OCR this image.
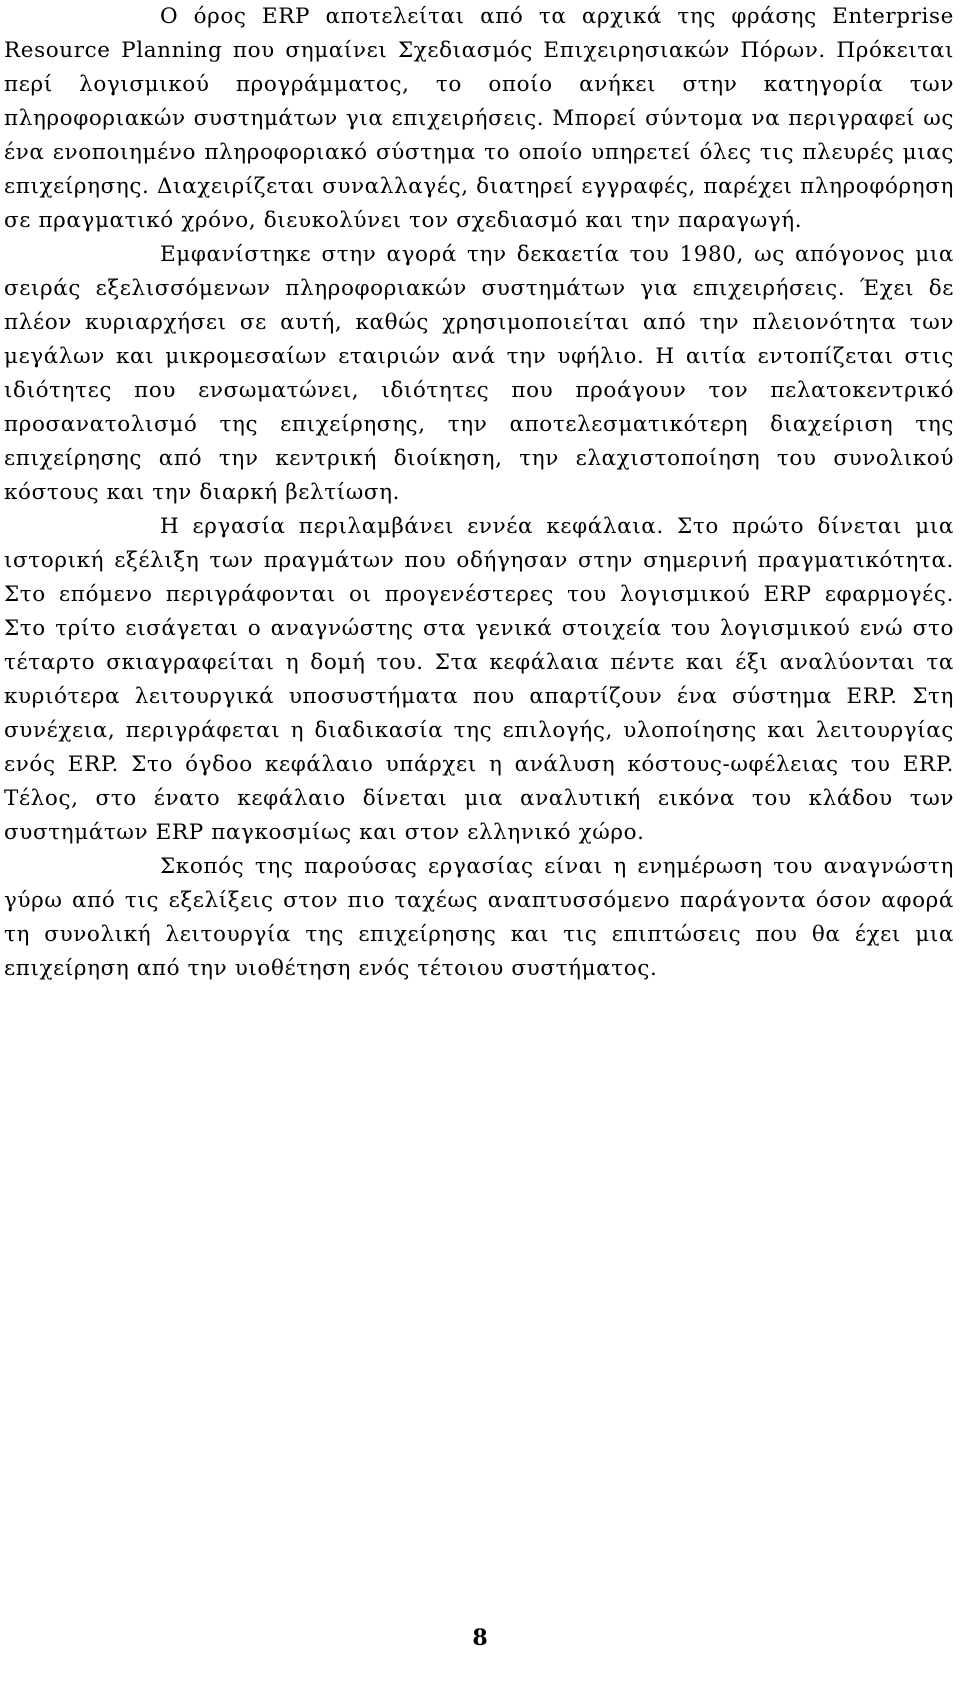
Ο όρος ERP αποτελείται από τα αρχικά της φράσης Enterprise Resource Planning που σημαίνει Σχεδιασμός Επιχειρησιακών Πόρων. Πρόκειται περί λογισμικού προγράμματος, το οποίο ανήκει στην κατηγορία των πληροφοριακών συστημάτων για επιχειρήσεις. Μπορεί σύντομα να περιγραφεί ως ένα ενοποιημένο πληροφοριακό σύστημα το οποίο υπηρετεί όλες τις πλευρές μιας επιχείρησης. Διαχειρίζεται συναλλαγές, διατηρεί εγγραφές, παρέχει πληροφόρηση σε πραγματικό χρόνο, διευκολύνει τον σχεδιασμό και την παραγωγή.

Εμφανίστηκε στην αγορά την δεκαετία του 1980, ως απόγονος μια σειράς εξελισσόμενων πληροφοριακών συστημάτων για επιχειρήσεις. Έχει δε πλέον κυριαρχήσει σε αυτή, καθώς χρησιμοποιείται από την πλειονότητα των μεγάλων και μικρομεσαίων εταιριών ανά την υφήλιο. Η αιτία εντοπίζεται στις ιδιότητες που ενσωματώνει, ιδιότητες που προάγουν τον πελατοκεντρικό προσανατολισμό της επιχείρησης, την αποτελεσματικότερη διαχείριση της επιχείρησης από την κεντρική διοίκηση, την ελαχιστοποίηση του συνολικού κόστους και την διαρκή βελτίωση.

Η εργασία περιλαμβάνει εννέα κεφάλαια. Στο πρώτο δίνεται μια ιστορική εξέλιξη των πραγμάτων που οδήγησαν στην σημερινή πραγματικότητα. Στο επόμενο περιγράφονται οι προγενέστερες του λογισμικού ERP εφαρμογές. Στο τρίτο εισάγεται ο αναγνώστης στα γενικά στοιχεία του λογισμικού ενώ στο τέταρτο σκιαγραφείται η δομή του. Στα κεφάλαια πέντε και έξι αναλύονται τα κυριότερα λειτουργικά υποσυστήματα που απαρτίζουν ένα σύστημα ERP. Στη συνέχεια, περιγράφεται η διαδικασία της επιλογής, υλοποίησης και λειτουργίας ενός ERP. Στο όγδοο κεφάλαιο υπάρχει η ανάλυση κόστους-ωφέλειας του ERP. Τέλος, στο ένατο κεφάλαιο δίνεται μια αναλυτική εικόνα του κλάδου των συστημάτων ERP παγκοσμίως και στον ελληνικό χώρο.

Σκοπός της παρούσας εργασίας είναι η ενημέρωση του αναγνώστη γύρω από τις εξελίξεις στον πιο ταχέως αναπτυσσόμενο παράγοντα όσον αφορά τη συνολική λειτουργία της επιχείρησης και τις επιπτώσεις που θα έχει μια επιχείρηση από την υιοθέτηση ενός τέτοιου συστήματος.

8
